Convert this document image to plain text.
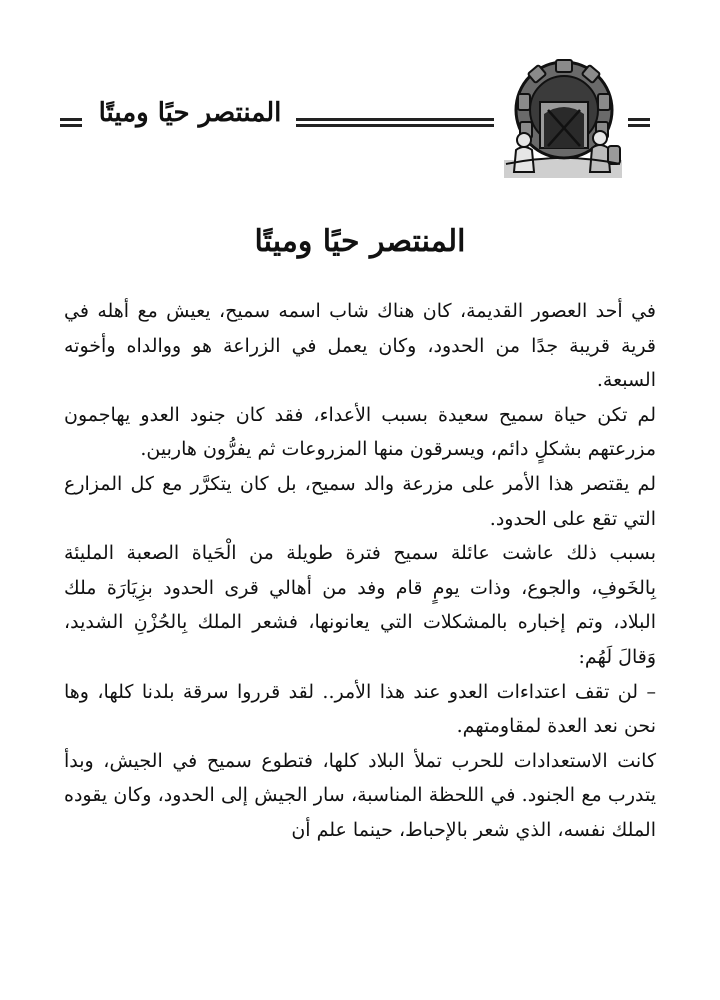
المنتصر حيًا وميتًا
المنتصر حيًا وميتًا

في أحد العصور القديمة، كان هناك شاب اسمه سميح، يعيش مع أهله في قرية قريبة جدًا من الحدود، وكان يعمل في الزراعة هو ووالداه وأخوته السبعة.

لم تكن حياة سميح سعيدة بسبب الأعداء، فقد كان جنود العدو يهاجمون مزرعتهم بشكلٍ دائم، ويسرقون منها المزروعات ثم يفرُّون هاربين.

لم يقتصر هذا الأمر على مزرعة والد سميح، بل كان يتكرَّر مع كل المزارع التي تقع على الحدود.

بسبب ذلك عاشت عائلة سميح فترة طويلة من الْحَياة الصعبة المليئة بِالخَوفِ، والجوع، وذات يومٍ قام وفد من أهالي قرى الحدود بزِيَارَة ملك البلاد، وتم إخباره بالمشكلات التي يعانونها، فشعر الملك بِالحُزْنِ الشديد، وَقالَ لَهُم:

– لن تقف اعتداءات العدو عند هذا الأمر.. لقد قرروا سرقة بلدنا كلها، وها نحن نعد العدة لمقاومتهم.

كانت الاستعدادات للحرب تملأ البلاد كلها، فتطوع سميح في الجيش، وبدأ يتدرب مع الجنود. في اللحظة المناسبة، سار الجيش إلى الحدود، وكان يقوده الملك نفسه، الذي شعر بالإحباط، حينما علم أن
